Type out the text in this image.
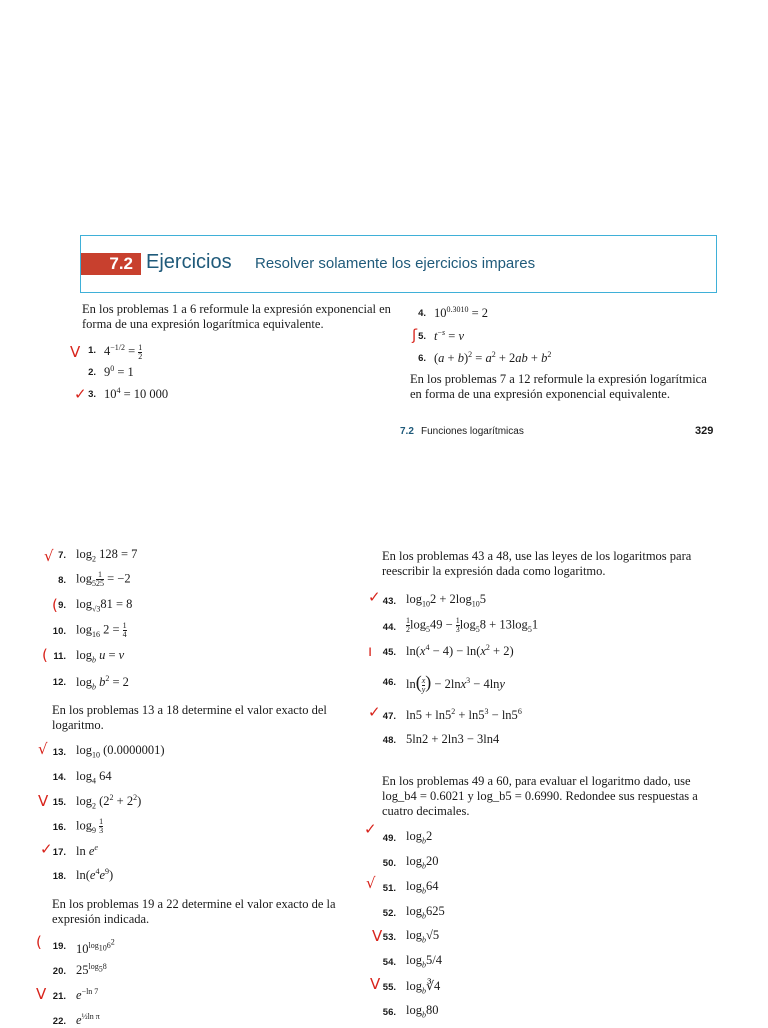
7.2 Ejercicios Resolver solamente los ejercicios impares
En los problemas 1 a 6 reformule la expresión exponencial en forma de una expresión logarítmica equivalente.
V 1. $4^{-1/2} = \frac{1}{2}$
2. $9^0 = 1$
✓ 3. $10^4 = 10$ 000
4. $10^{0.3010} = 2$
ʃ 5. $t^{-s} = v$
6. $(a + b)^2 = a^2 + 2ab + b^2$
En los problemas 7 a 12 reformule la expresión logarítmica en forma de una expresión exponencial equivalente.
7.2 Funciones logarítmicas	329
√ 7. $\log_2 128 = 7$
8. $\log_5 \frac{1}{25} = -2$
( 9. $\log_{√3}81 = 8$
10. $\log_{16} 2 = \frac{1}{4}$
( 11. $\log_b u = v$
12. $\log_b b^2 = 2$
En los problemas 13 a 18 determine el valor exacto del logaritmo.
√ 13. $\log_{10} (0.0000001)$
14. $\log_4 64$
V 15. $\log_2 (2^2 + 2^2)$
16. $\log_9 \frac{1}{3}$
✓ 17. $\ln e^e$
18. $\ln(e^4e^9)$
En los problemas 19 a 22 determine el valor exacto de la expresión indicada.
(	19. $10^{log_{10}6^2}$
20. $25^{log_58}$
V 21. $e^{-ln 7}$
22. $e^{\frac{1}{2}ln \pi}$
En los problemas 43 a 48, use las leyes de los logaritmos para reescribir la expresión dada como logaritmo.
✓ 43. $\log_{10}2 + 2\log_{10}5$
44. $\frac{1}{2} \log_549 - \frac{1}{3} \log_58 + 13\log_51$
ı	45. $\ln(x^4 - 4) - \ln(x^2 + 2)$
46. $\ln( \frac{x}{y}$ ) − 2lnx$^3$ − 4lny
✓ 47. $\ln 5 + \ln 5^2 + \ln 5^3 - \ln 5^6$
48. 5ln2 + 2ln3 − 3ln4
En los problemas 49 a 60, para evaluar el logaritmo dado, use log_b4 = 0.6021 y log_b5 = 0.6990. Redondee sus respuestas a cuatro decimales.
✓
49. $\log_b2$
50. $\log_b20$
√ 51. $\log_b64$
52. $\log_b625$
V 53. $\log_b√5$
54. $\log_b5/4$
V 55. $\log_b∛4$
56. $\log_b80$
